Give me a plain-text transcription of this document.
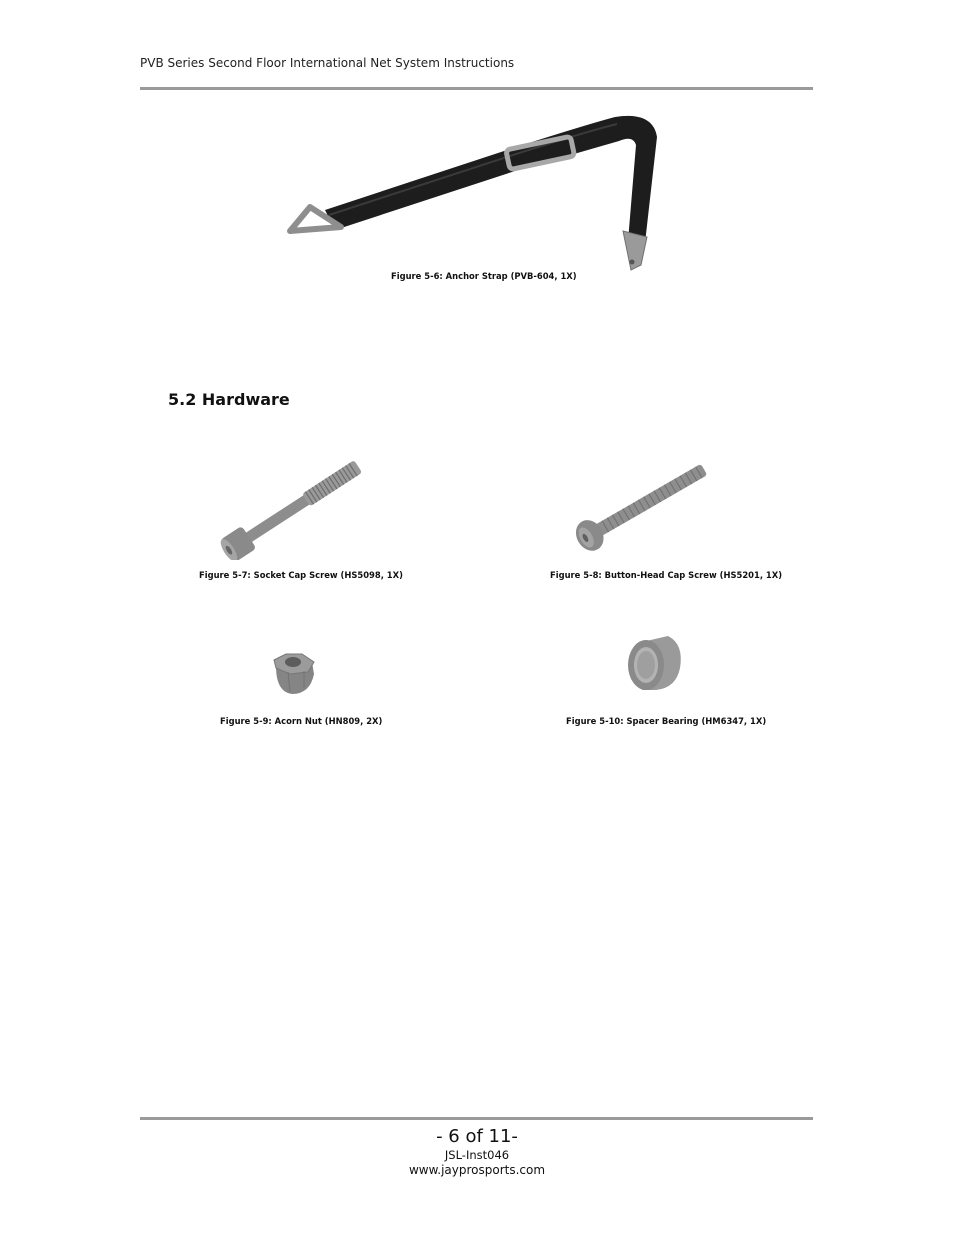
PVB Series Second Floor International Net System Instructions
Figure 5-6: Anchor Strap (PVB-604, 1X)
5.2 Hardware
Figure 5-7: Socket Cap Screw (HS5098, 1X)	Figure 5-8: Button-Head Cap Screw (HS5201, 1X)
Figure 5-9: Acorn Nut (HN809, 2X)	Figure 5-10: Spacer Bearing (HM6347, 1X)
- 6 of 11-
JSL-Inst046
www.jayprosports.com
